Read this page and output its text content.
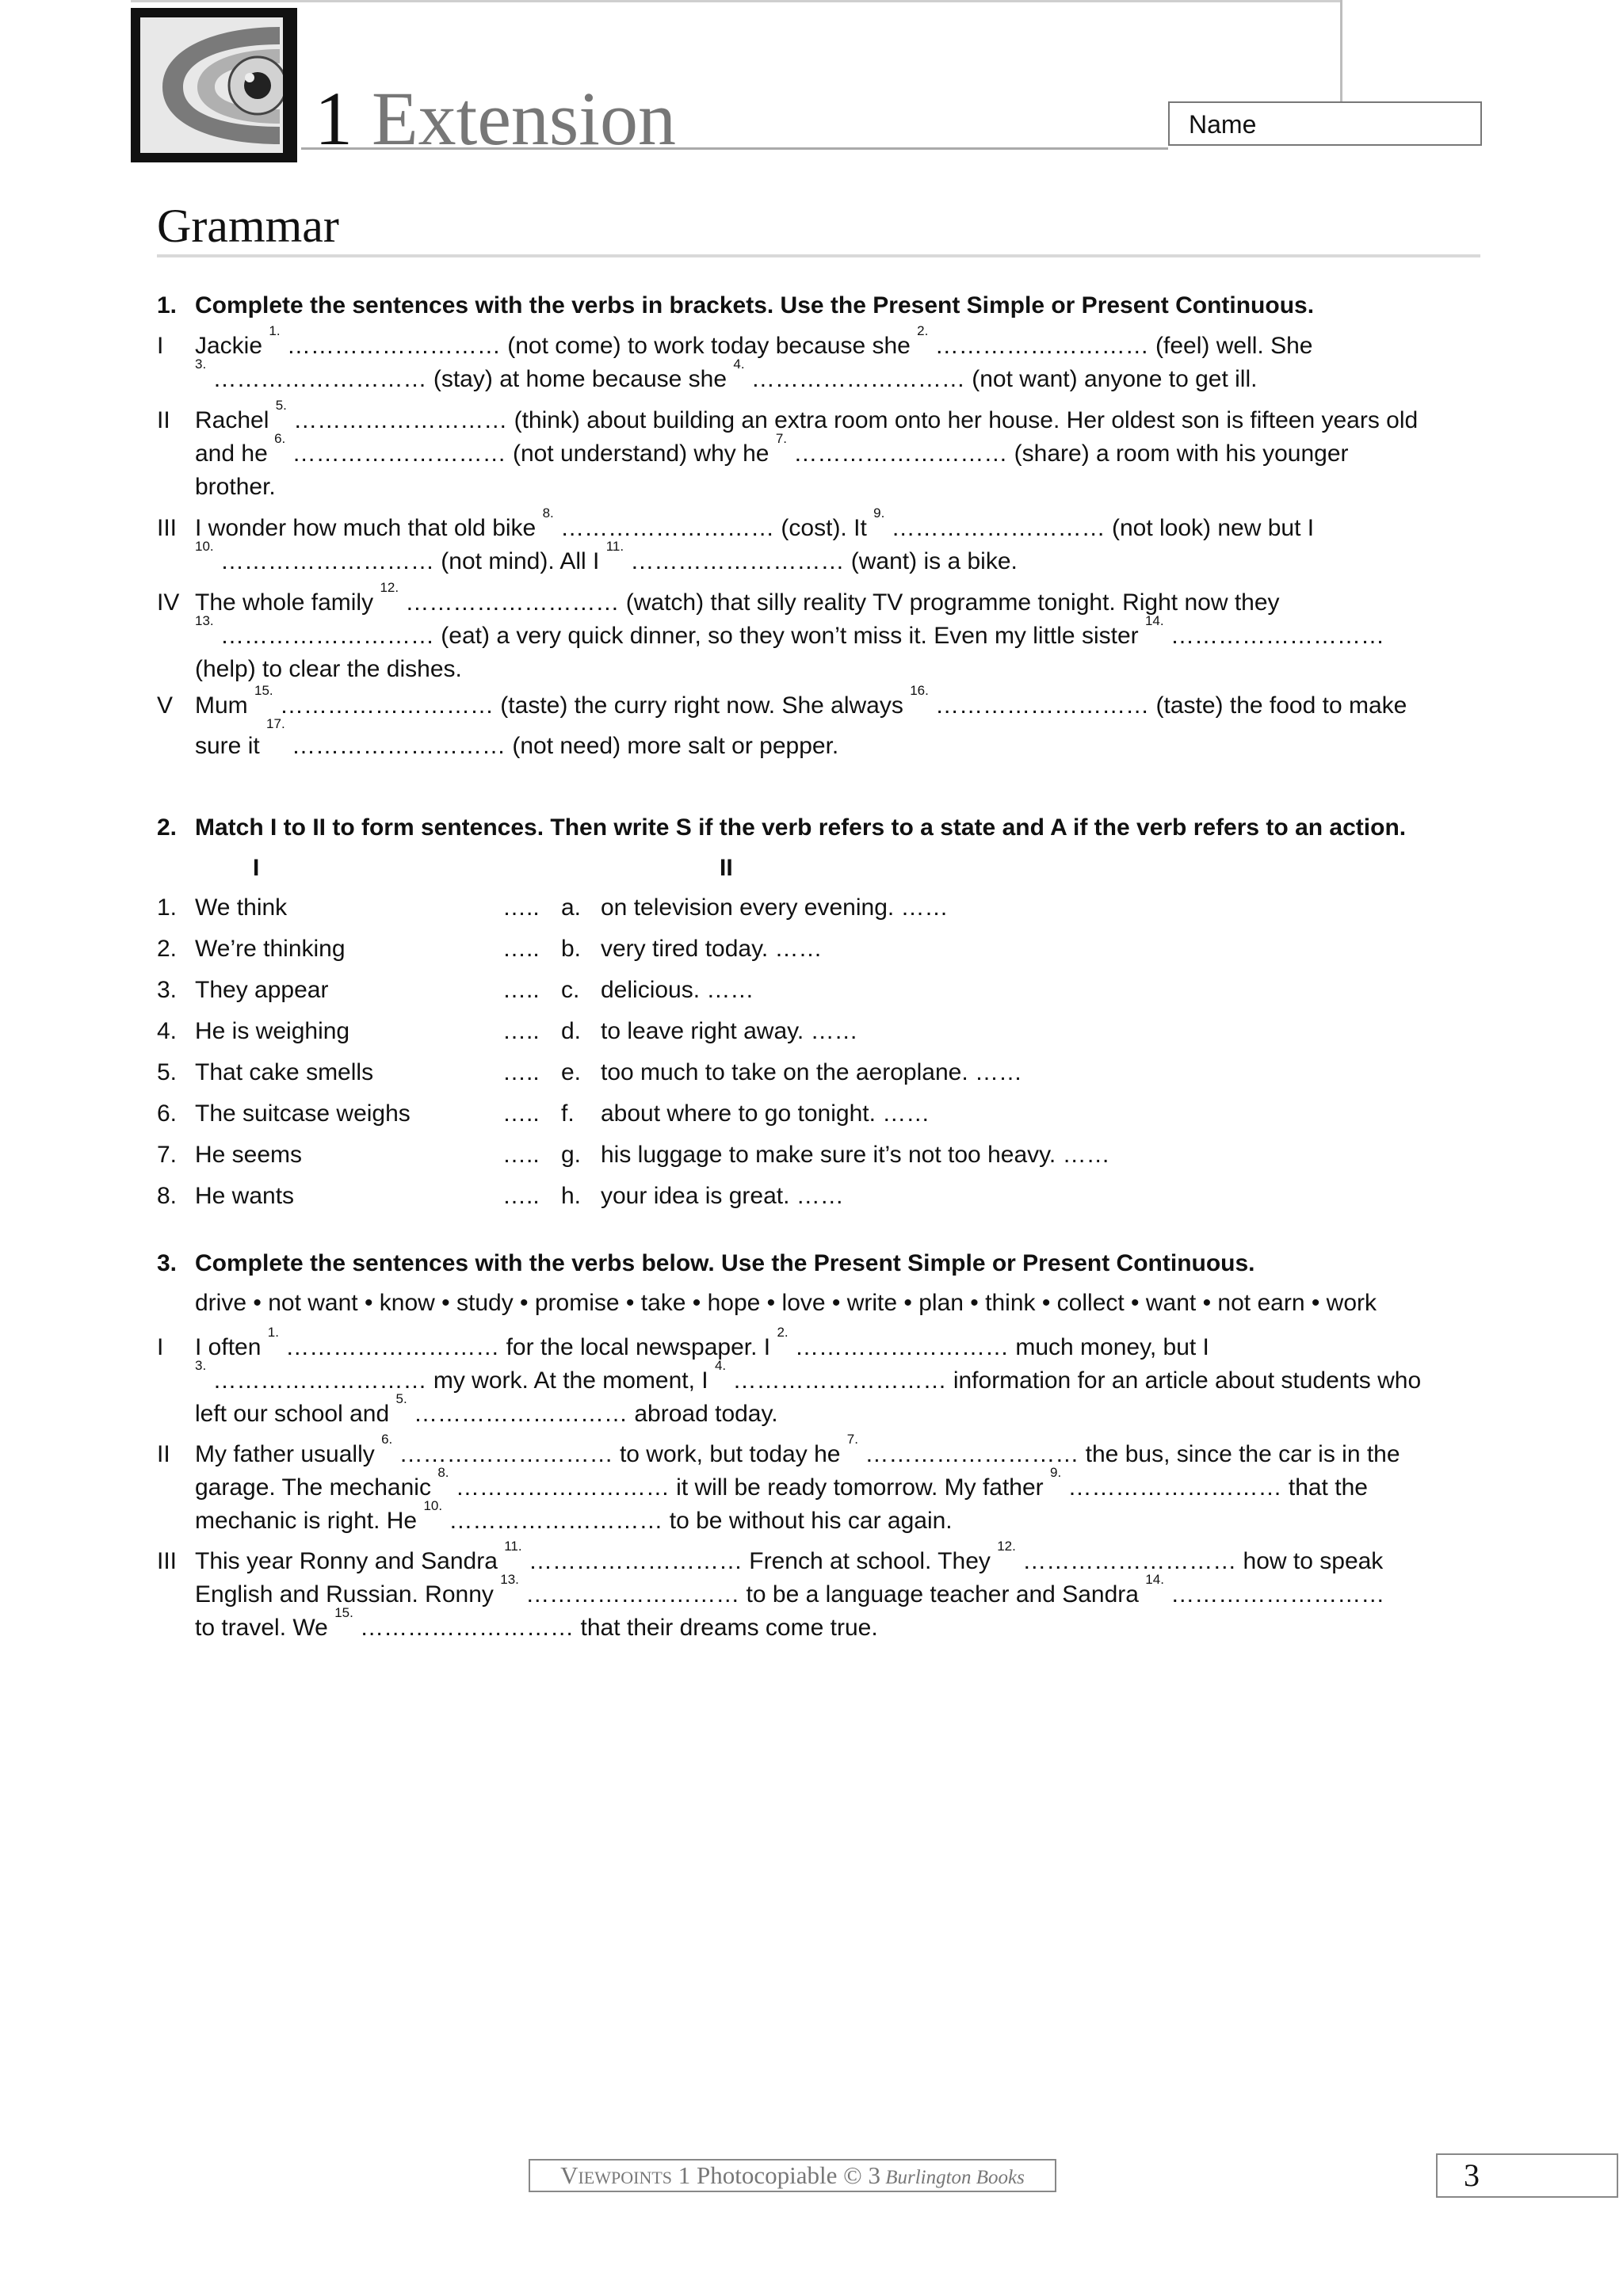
1 Extension	Name
Grammar
1. Complete the sentences with the verbs in brackets. Use the Present Simple or Present Continuous.
I Jackie $^{1.}$ ……………………… (not come) to work today because she $^{2.}$ ……………………… (feel) well. She
$^{3.}$ ……………………… (stay) at home because she $^{4.}$ ……………………… (not want) anyone to get ill.
II Rachel $^{5.}$ ……………………… (think) about building an extra room onto her house. Her oldest son is fifteen years old
and he $^{6.}$ ……………………… (not understand) why he $^{7.}$ ……………………… (share) a room with his younger
brother.
III I wonder how much that old bike $^{8.}$ ……………………… (cost). It $^{9.}$ ……………………… (not look) new but I
$^{10.}$ ……………………… (not mind). All I $^{11.}$ ……………………… (want) is a bike.
IV The whole family $^{12.}$ ……………………… (watch) that silly reality TV programme tonight. Right now they
$^{13.}$ ……………………… (eat) a very quick dinner, so they won’t miss it. Even my little sister $^{14.}$ ………………………
(help) to clear the dishes.
V Mum $^{15.}$ ……………………… (taste) the curry right now. She always $^{16.}$ ……………………… (taste) the food to make
sure it $^{17.}$ ……………………… (not need) more salt or pepper.
2. Match I to II to form sentences. Then write S if the verb refers to a state and A if the verb refers to an action.
I	II
1. We think	….. a. on television every evening. ……
2. We’re thinking	….. b. very tired today. ……
3. They appear	….. c. delicious. ……
4. He is weighing	….. d. to leave right away. ……
5. That cake smells	….. e. too much to take on the aeroplane. ……
6. The suitcase weighs	….. f. about where to go tonight. ……
7. He seems	….. g. his luggage to make sure it’s not too heavy. ……
8. He wants	….. h. your idea is great. ……
3. Complete the sentences with the verbs below. Use the Present Simple or Present Continuous.
drive • not want • know • study • promise • take • hope • love • write • plan • think • collect • want • not earn • work
I I often $^{1.}$ ……………………… for the local newspaper. I $^{2.}$ ……………………… much money, but I
$^{3.}$ ……………………… my work. At the moment, I $^{4.}$ ……………………… information for an article about students who
left our school and $^{5.}$ ……………………… abroad today.
II My father usually $^{6.}$ ……………………… to work, but today he $^{7.}$ ……………………… the bus, since the car is in the
garage. The mechanic $^{8.}$ ……………………… it will be ready tomorrow. My father $^{9.}$ ……………………… that the
mechanic is right. He $^{10.}$ ……………………… to be without his car again.
III This year Ronny and Sandra $^{11.}$ ……………………… French at school. They $^{12.}$ ……………………… how to speak
English and Russian. Ronny $^{13.}$ ……………………… to be a language teacher and Sandra $^{14.}$ ………………………
to travel. We $^{15.}$ ……………………… that their dreams come true.
Viewpoints 1 Photocopiable © 3 Burlington Books	3
